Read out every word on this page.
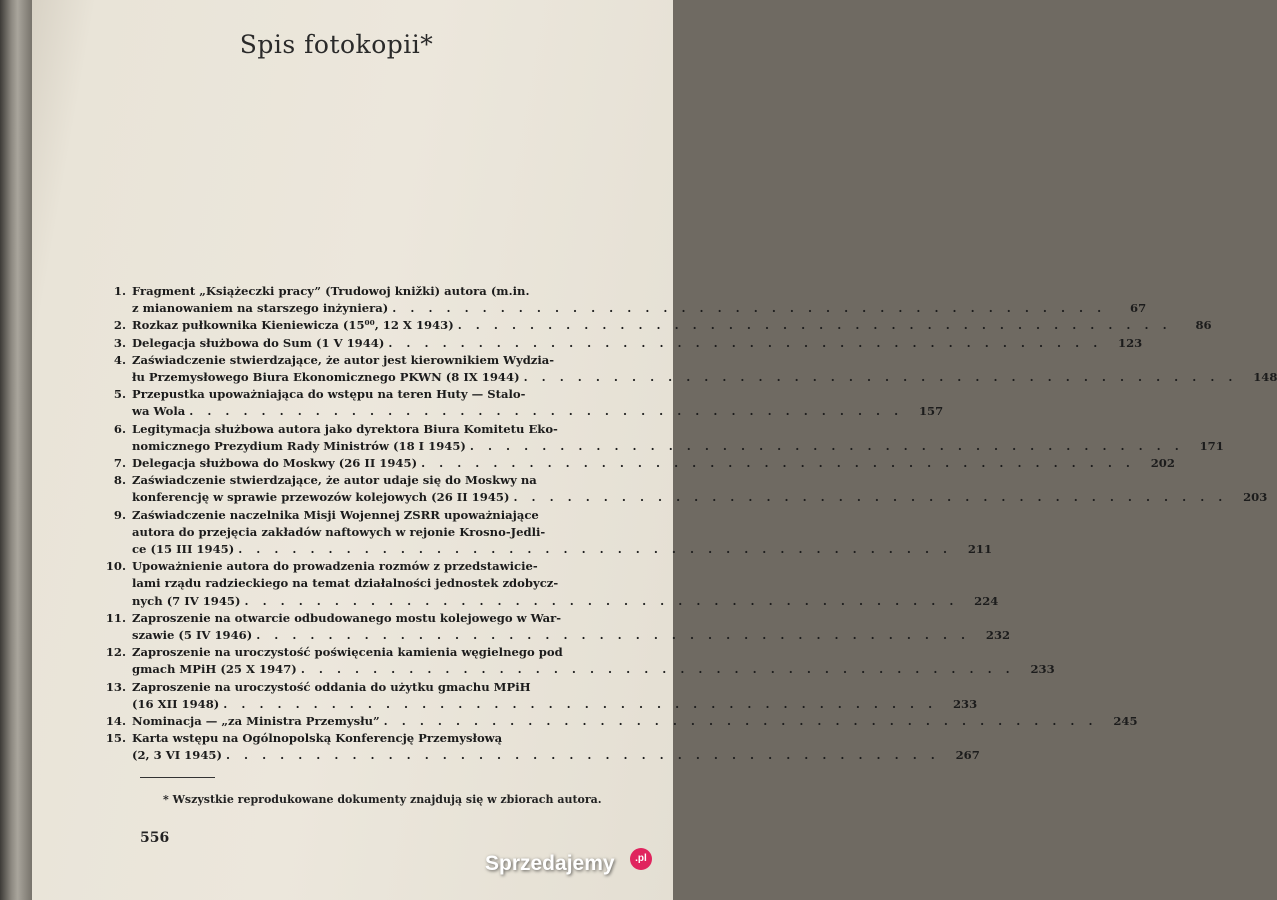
Spis fotokopii*
1. Fragment „Książeczki pracy” (Trudowoj knižki) autora (m.in.
z mianowaniem na starszego inżyniera) . . .	67
2. Rozkaz pułkownika Kieniewicza (15⁰⁰, 12 X 1943) . . .	86
3. Delegacja służbowa do Sum (1 V 1944) . . .	123
4. Zaświadczenie stwierdzające, że autor jest kierownikiem Wydzia-
łu Przemysłowego Biura Ekonomicznego PKWN (8 IX 1944) . . .	148
5. Przepustka upoważniająca do wstępu na teren Huty — Stalo-
wa Wola . . .	157
6. Legitymacja służbowa autora jako dyrektora Biura Komitetu Eko-
nomicznego Prezydium Rady Ministrów (18 I 1945) . . .	171
7. Delegacja służbowa do Moskwy (26 II 1945) . . .	202
8. Zaświadczenie stwierdzające, że autor udaje się do Moskwy na
konferencję w sprawie przewozów kolejowych (26 II 1945) . . .	203
9. Zaświadczenie naczelnika Misji Wojennej ZSRR upoważniające
autora do przejęcia zakładów naftowych w rejonie Krosno-Jedli-
ce (15 III 1945) . . .	211
10. Upoważnienie autora do prowadzenia rozmów z przedstawicie-
lami rządu radzieckiego na temat działalności jednostek zdobycz-
nych (7 IV 1945) . . .	224
11. Zaproszenie na otwarcie odbudowanego mostu kolejowego w War-
szawie (5 IV 1946) . . .	232
12. Zaproszenie na uroczystość poświęcenia kamienia węgielnego pod
gmach MPiH (25 X 1947) . . .	233
13. Zaproszenie na uroczystość oddania do użytku gmachu MPiH
(16 XII 1948) . . .	233
14. Nominacja — „za Ministra Przemysłu” . . .	245
15. Karta wstępu na Ogólnopolską Konferencję Przemysłową
(2, 3 VI 1945) . . .	267
* Wszystkie reprodukowane dokumenty znajdują się w zbiorach autora.
556
Sprzedajemy	.pl
